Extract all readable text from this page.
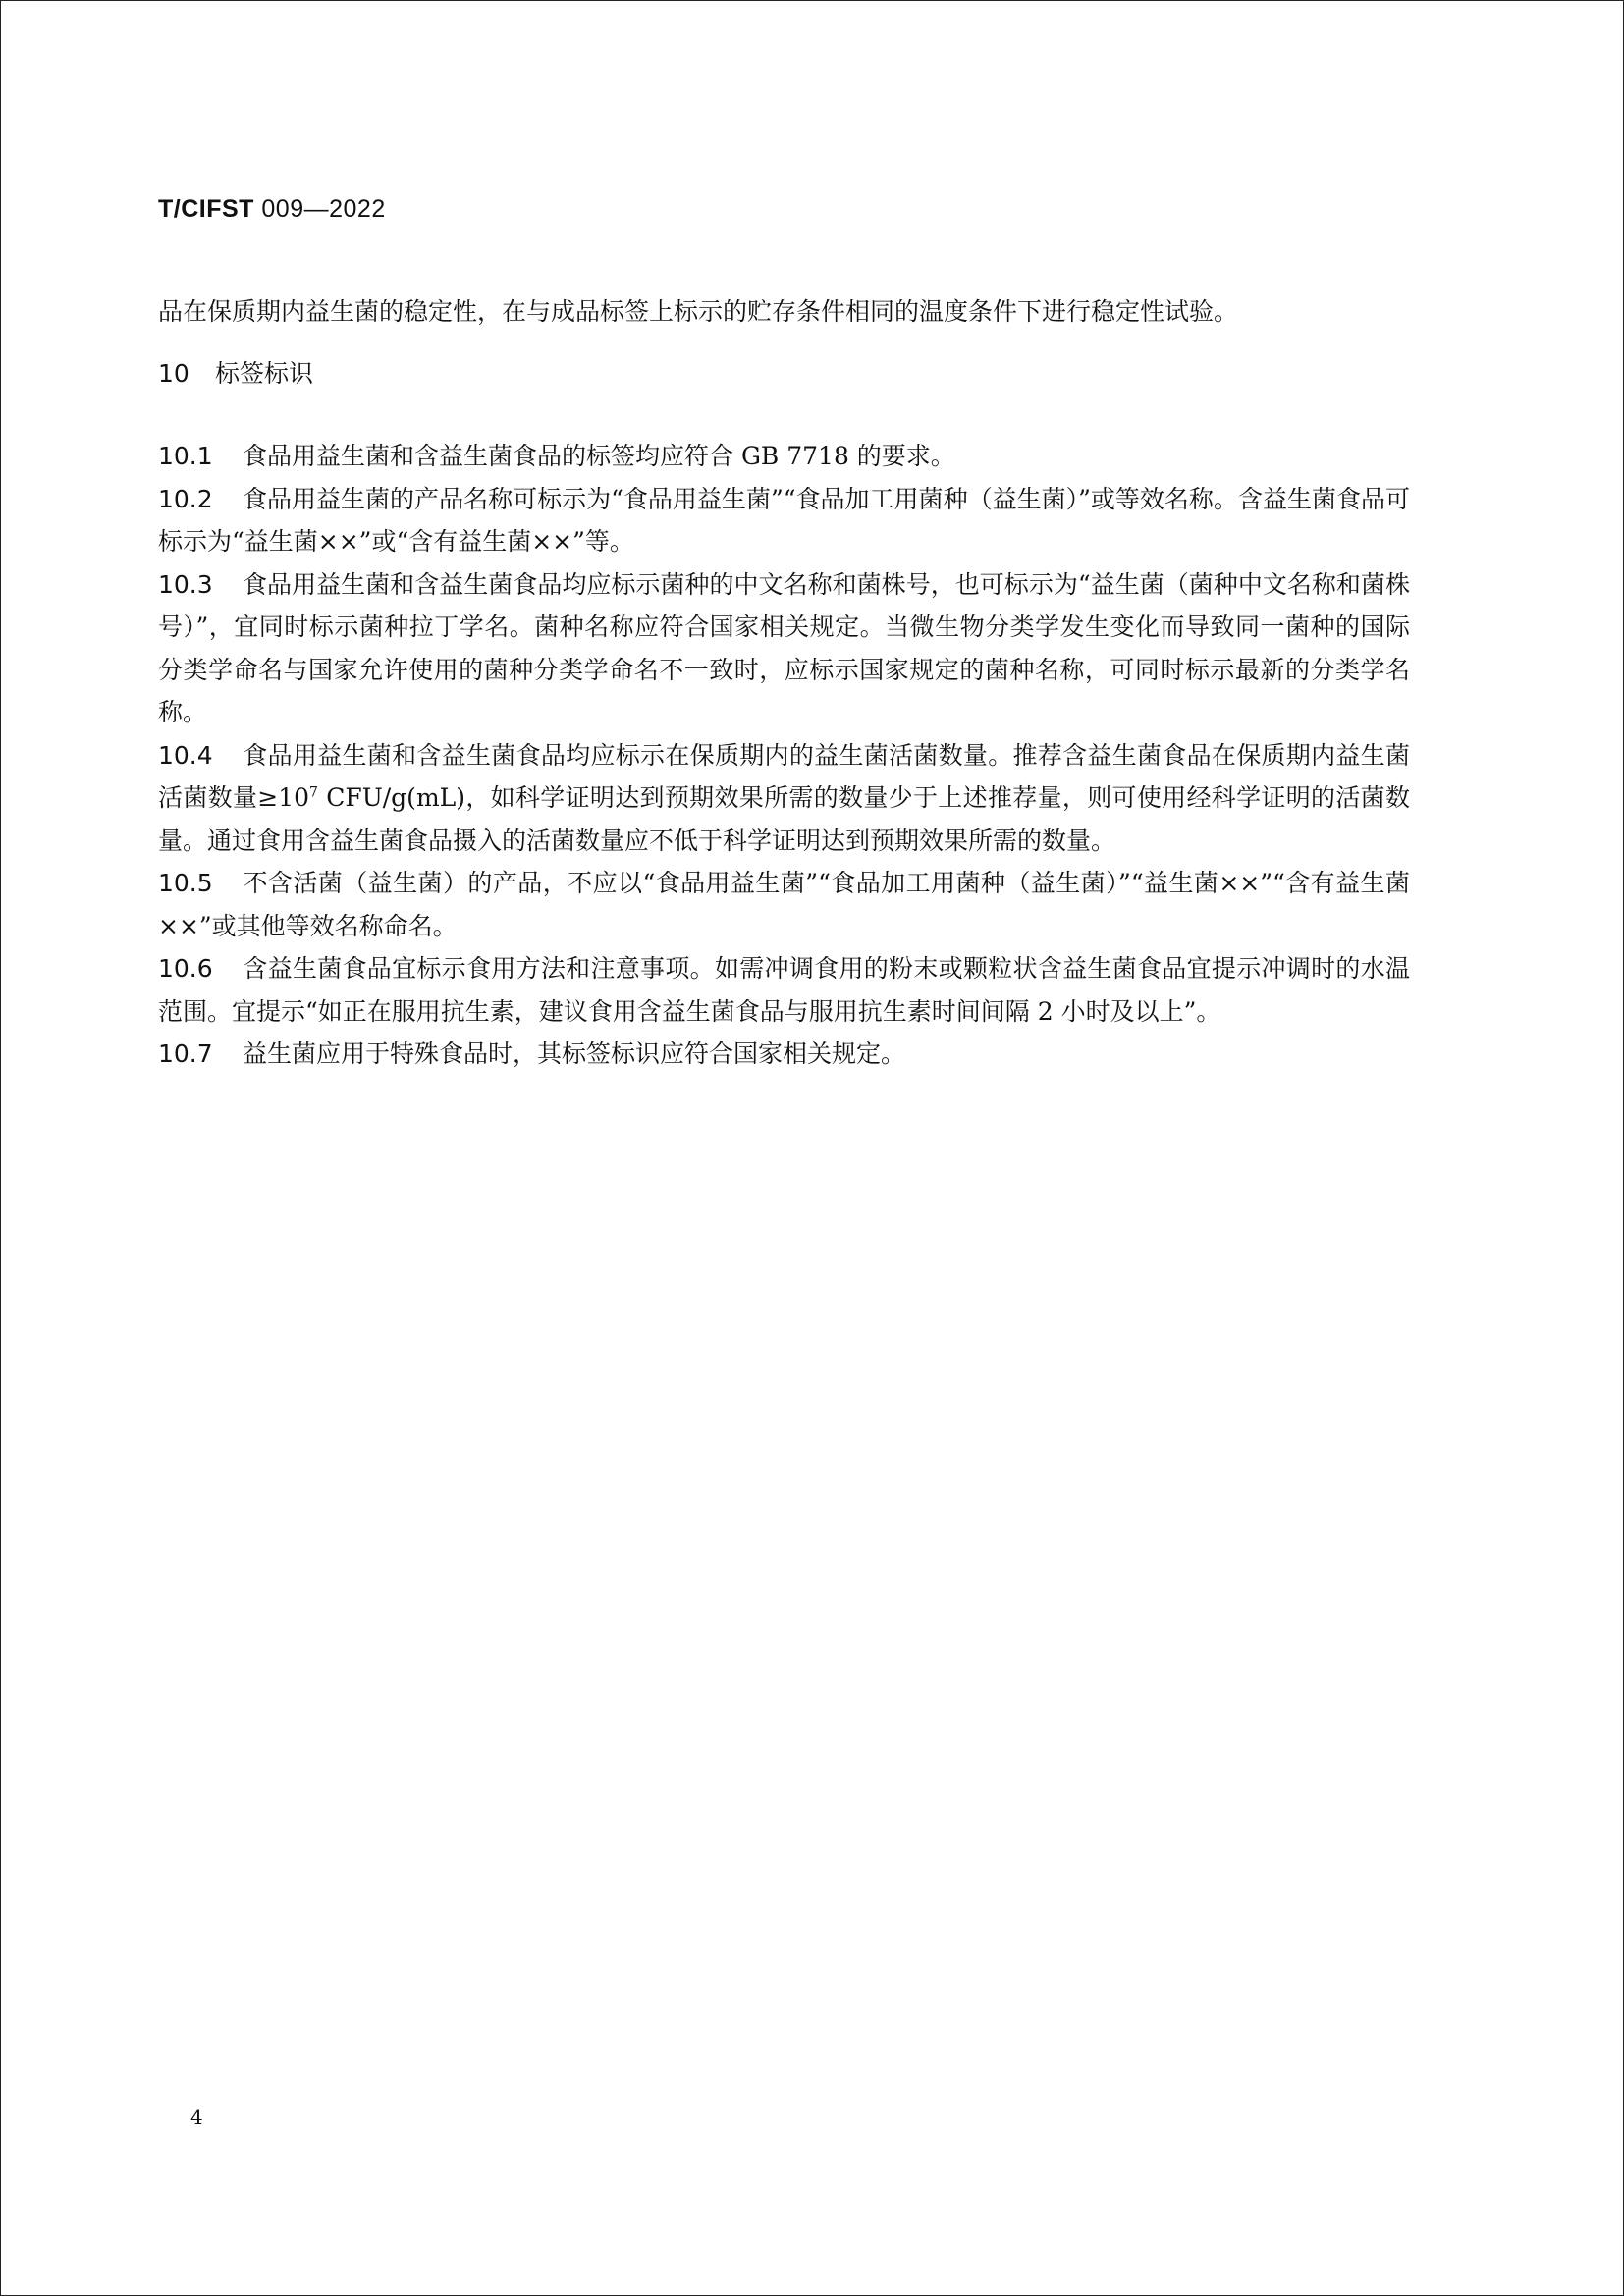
T/CIFST 009—2022

品在保质期内益生菌的稳定性，在与成品标签上标示的贮存条件相同的温度条件下进行稳定性试验。

10 标签标识

10.1 食品用益生菌和含益生菌食品的标签均应符合 GB 7718 的要求。

10.2 食品用益生菌的产品名称可标示为“食品用益生菌”“食品加工用菌种（益生菌）”或等效名称。含益生菌食品可标示为“益生菌××”或“含有益生菌××”等。

10.3 食品用益生菌和含益生菌食品均应标示菌种的中文名称和菌株号，也可标示为“益生菌（菌种中文名称和菌株号）”，宜同时标示菌种拉丁学名。菌种名称应符合国家相关规定。当微生物分类学发生变化而导致同一菌种的国际分类学命名与国家允许使用的菌种分类学命名不一致时，应标示国家规定的菌种名称，可同时标示最新的分类学名称。

10.4 食品用益生菌和含益生菌食品均应标示在保质期内的益生菌活菌数量。推荐含益生菌食品在保质期内益生菌活菌数量$\ge 10^7$ CFU/g(mL)，如科学证明达到预期效果所需的数量少于上述推荐量，则可使用经科学证明的活菌数量。通过食用含益生菌食品摄入的活菌数量应不低于科学证明达到预期效果所需的数量。

10.5 不含活菌（益生菌）的产品，不应以“食品用益生菌”“食品加工用菌种（益生菌）”“益生菌××”“含有益生菌××”或其他等效名称命名。

10.6 含益生菌食品宜标示食用方法和注意事项。如需冲调食用的粉末或颗粒状含益生菌食品宜提示冲调时的水温范围。宜提示“如正在服用抗生素，建议食用含益生菌食品与服用抗生素时间间隔 2 小时及以上”。

10.7 益生菌应用于特殊食品时，其标签标识应符合国家相关规定。

4
